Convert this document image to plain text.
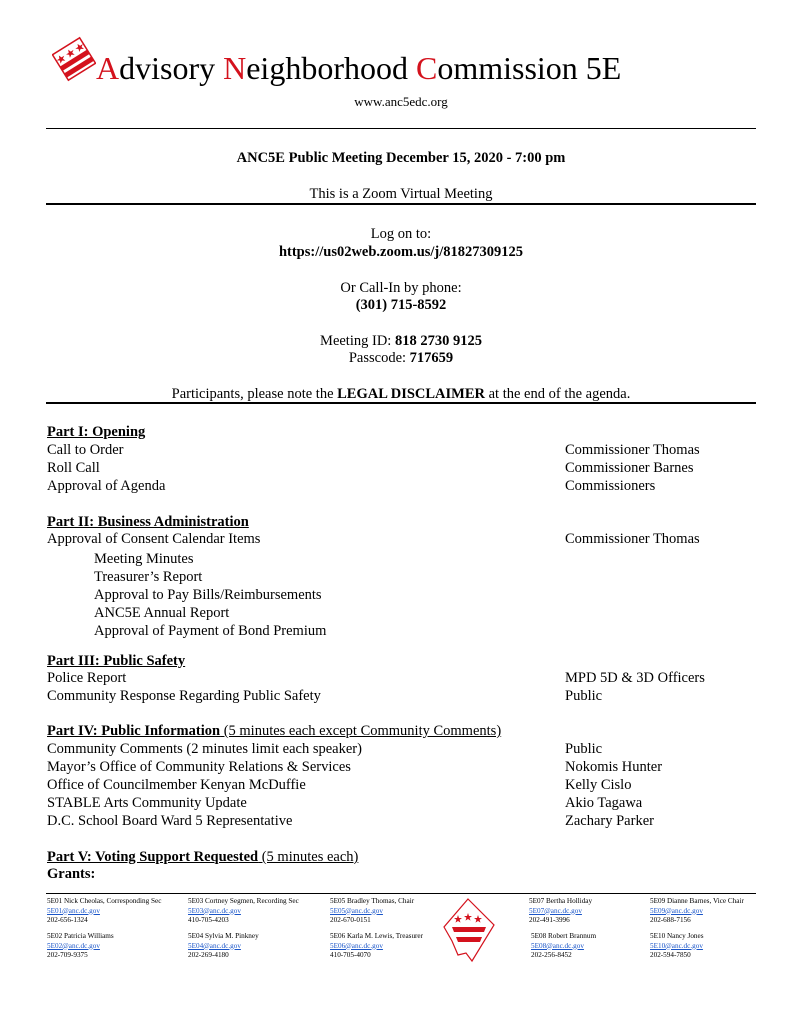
Advisory Neighborhood Commission 5E
www.anc5edc.org
ANC5E Public Meeting December 15, 2020 - 7:00 pm
This is a Zoom Virtual Meeting
Log on to:
https://us02web.zoom.us/j/81827309125
Or Call-In by phone:
(301) 715-8592
Meeting ID: 818 2730 9125
Passcode: 717659
Participants, please note the LEGAL DISCLAIMER at the end of the agenda.
Part I: Opening
Call to Order	Commissioner Thomas
Roll Call	Commissioner Barnes
Approval of Agenda	Commissioners
Part II: Business Administration
Approval of Consent Calendar Items	Commissioner Thomas
Meeting Minutes
Treasurer’s Report
Approval to Pay Bills/Reimbursements
ANC5E Annual Report
Approval of Payment of Bond Premium
Part III: Public Safety
Police Report	MPD 5D & 3D Officers
Community Response Regarding Public Safety	Public
Part IV: Public Information (5 minutes each except Community Comments)
Community Comments (2 minutes limit each speaker)	Public
Mayor’s Office of Community Relations & Services	Nokomis Hunter
Office of Councilmember Kenyan McDuffie	Kelly Cislo
STABLE Arts Community Update	Akio Tagawa
D.C. School Board Ward 5 Representative	Zachary Parker
Part V: Voting Support Requested (5 minutes each)
Grants:
5E01 Nick Cheolas, Corresponding Sec
5E01@anc.dc.gov
202-656-1324
5E03 Cortney Segmen, Recording Sec
5E03@anc.dc.gov
410-705-4203
5E05 Bradley Thomas, Chair
5E05@anc.dc.gov
202-670-0151
5E07 Bertha Holliday
5E07@anc.dc.gov
202-491-3996
5E09 Dianne Barnes, Vice Chair
5E09@anc.dc.gov
202-688-7156
5E02 Patricia Williams
5E02@anc.dc.gov
202-709-9375
5E04 Sylvia M. Pinkney
5E04@anc.dc.gov
202-269-4180
5E06 Karla M. Lewis, Treasurer
5E06@anc.dc.gov
410-705-4070
5E08 Robert Brannum
5E08@anc.dc.gov
202-256-8452
5E10 Nancy Jones
5E10@anc.dc.gov
202-594-7850
